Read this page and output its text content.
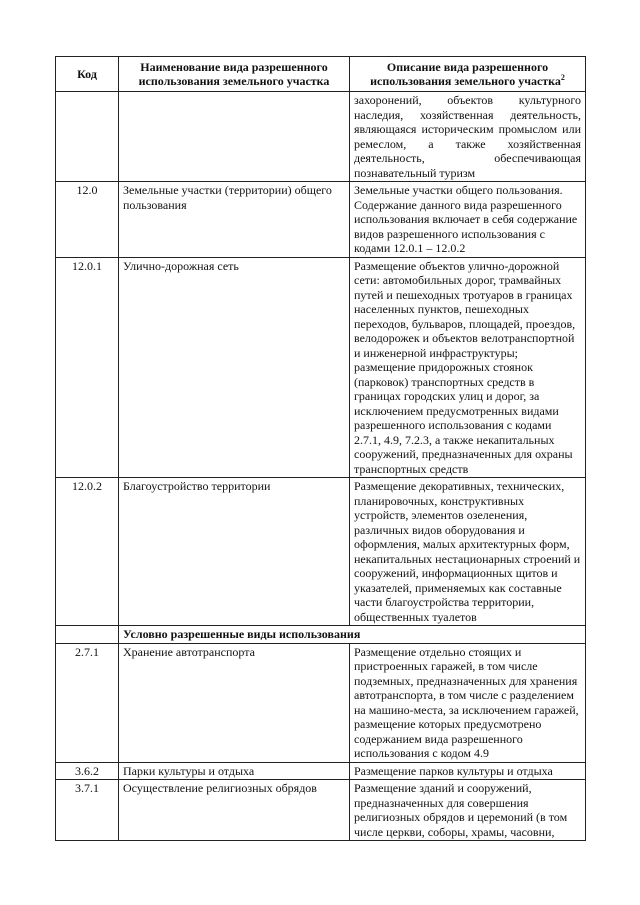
Код	Наименование вида разрешенного использования земельного участка	Описание вида разрешенного использования земельного участка$^2$
		захоронений, объектов культурного наследия, хозяйственная деятельность, являющаяся историческим промыслом или ремеслом, а также хозяйственная деятельность, обеспечивающая познавательный туризм
12.0	Земельные участки (территории) общего пользования	Земельные участки общего пользования. Содержание данного вида разрешенного использования включает в себя содержание видов разрешенного использования с кодами 12.0.1 – 12.0.2
12.0.1	Улично-дорожная сеть	Размещение объектов улично-дорожной сети: автомобильных дорог, трамвайных путей и пешеходных тротуаров в границах населенных пунктов, пешеходных переходов, бульваров, площадей, проездов, велодорожек и объектов велотранспортной и инженерной инфраструктуры; размещение придорожных стоянок (парковок) транспортных средств в границах городских улиц и дорог, за исключением предусмотренных видами разрешенного использования с кодами 2.7.1, 4.9, 7.2.3, а также некапитальных сооружений, предназначенных для охраны транспортных средств
12.0.2	Благоустройство территории	Размещение декоративных, технических, планировочных, конструктивных устройств, элементов озеленения, различных видов оборудования и оформления, малых архитектурных форм, некапитальных нестационарных строений и сооружений, информационных щитов и указателей, применяемых как составные части благоустройства территории, общественных туалетов
	Условно разрешенные виды использования	
2.7.1	Хранение автотранспорта	Размещение отдельно стоящих и пристроенных гаражей, в том числе подземных, предназначенных для хранения автотранспорта, в том числе с разделением на машино-места, за исключением гаражей, размещение которых предусмотрено содержанием вида разрешенного использования с кодом 4.9
3.6.2	Парки культуры и отдыха	Размещение парков культуры и отдыха
3.7.1	Осуществление религиозных обрядов	Размещение зданий и сооружений, предназначенных для совершения религиозных обрядов и церемоний (в том числе церкви, соборы, храмы, часовни,
